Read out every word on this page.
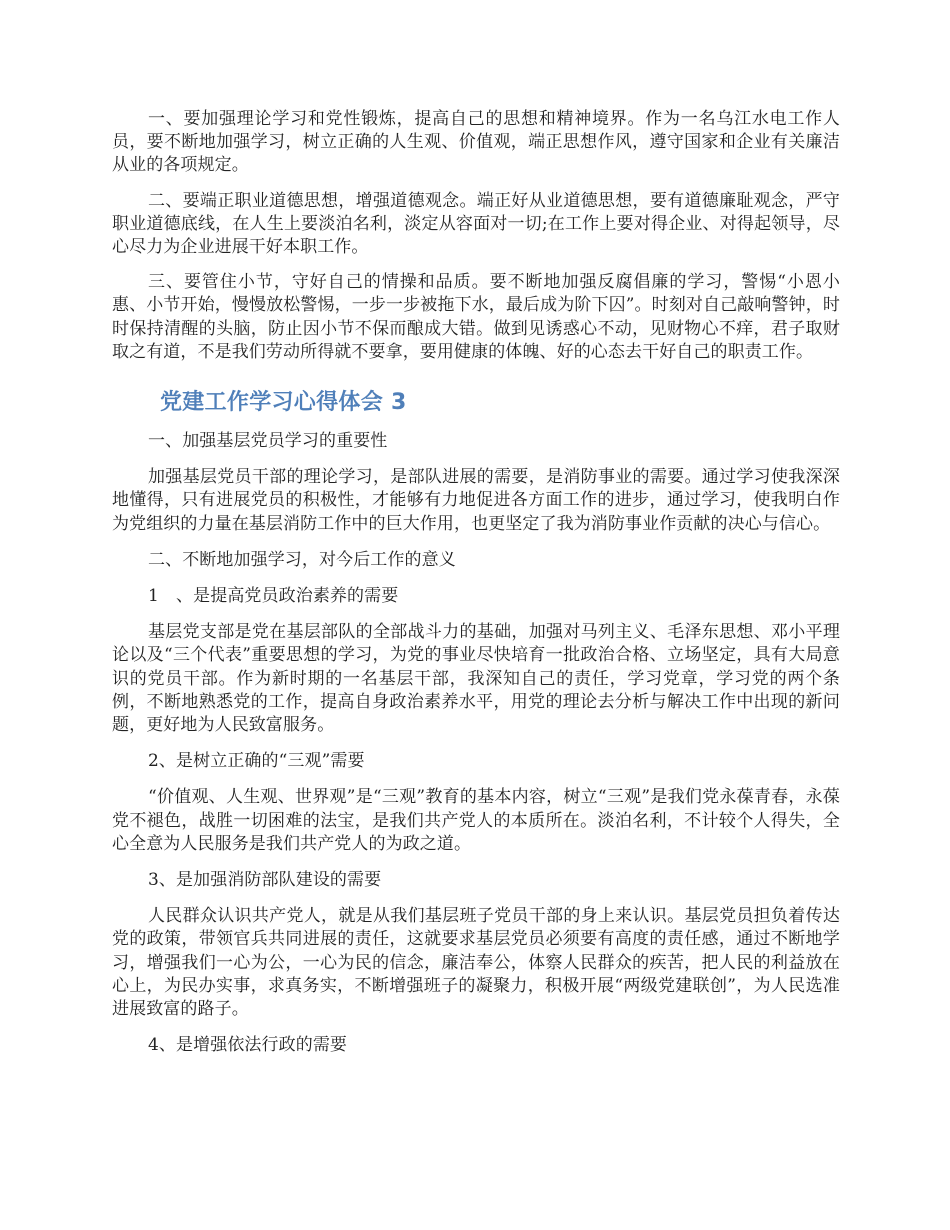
一、要加强理论学习和党性锻炼，提高自己的思想和精神境界。作为一名乌江水电工作人员，要不断地加强学习，树立正确的人生观、价值观，端正思想作风，遵守国家和企业有关廉洁从业的各项规定。

二、要端正职业道德思想，增强道德观念。端正好从业道德思想，要有道德廉耻观念，严守职业道德底线，在人生上要淡泊名利，淡定从容面对一切;在工作上要对得企业、对得起领导，尽心尽力为企业进展干好本职工作。

三、要管住小节，守好自己的情操和品质。要不断地加强反腐倡廉的学习，警惕“小恩小惠、小节开始，慢慢放松警惕，一步一步被拖下水，最后成为阶下囚”。时刻对自己敲响警钟，时时保持清醒的头脑，防止因小节不保而酿成大错。做到见诱惑心不动，见财物心不痒，君子取财取之有道，不是我们劳动所得就不要拿，要用健康的体魄、好的心态去干好自己的职责工作。

党建工作学习心得体会 3

一、加强基层党员学习的重要性

加强基层党员干部的理论学习，是部队进展的需要，是消防事业的需要。通过学习使我深深地懂得，只有进展党员的积极性，才能够有力地促进各方面工作的进步，通过学习，使我明白作为党组织的力量在基层消防工作中的巨大作用，也更坚定了我为消防事业作贡献的决心与信心。

二、不断地加强学习，对今后工作的意义

1　、是提高党员政治素养的需要

基层党支部是党在基层部队的全部战斗力的基础，加强对马列主义、毛泽东思想、邓小平理论以及“三个代表”重要思想的学习，为党的事业尽快培育一批政治合格、立场坚定，具有大局意识的党员干部。作为新时期的一名基层干部，我深知自己的责任，学习党章，学习党的两个条例，不断地熟悉党的工作，提高自身政治素养水平，用党的理论去分析与解决工作中出现的新问题，更好地为人民致富服务。

2、是树立正确的“三观”需要

“价值观、人生观、世界观”是“三观”教育的基本内容，树立“三观”是我们党永葆青春，永葆党不褪色，战胜一切困难的法宝，是我们共产党人的本质所在。淡泊名利，不计较个人得失，全心全意为人民服务是我们共产党人的为政之道。

3、是加强消防部队建设的需要

人民群众认识共产党人，就是从我们基层班子党员干部的身上来认识。基层党员担负着传达党的政策，带领官兵共同进展的责任，这就要求基层党员必须要有高度的责任感，通过不断地学习，增强我们一心为公，一心为民的信念，廉洁奉公，体察人民群众的疾苦，把人民的利益放在心上，为民办实事，求真务实，不断增强班子的凝聚力，积极开展“两级党建联创”，为人民选准进展致富的路子。

4、是增强依法行政的需要
